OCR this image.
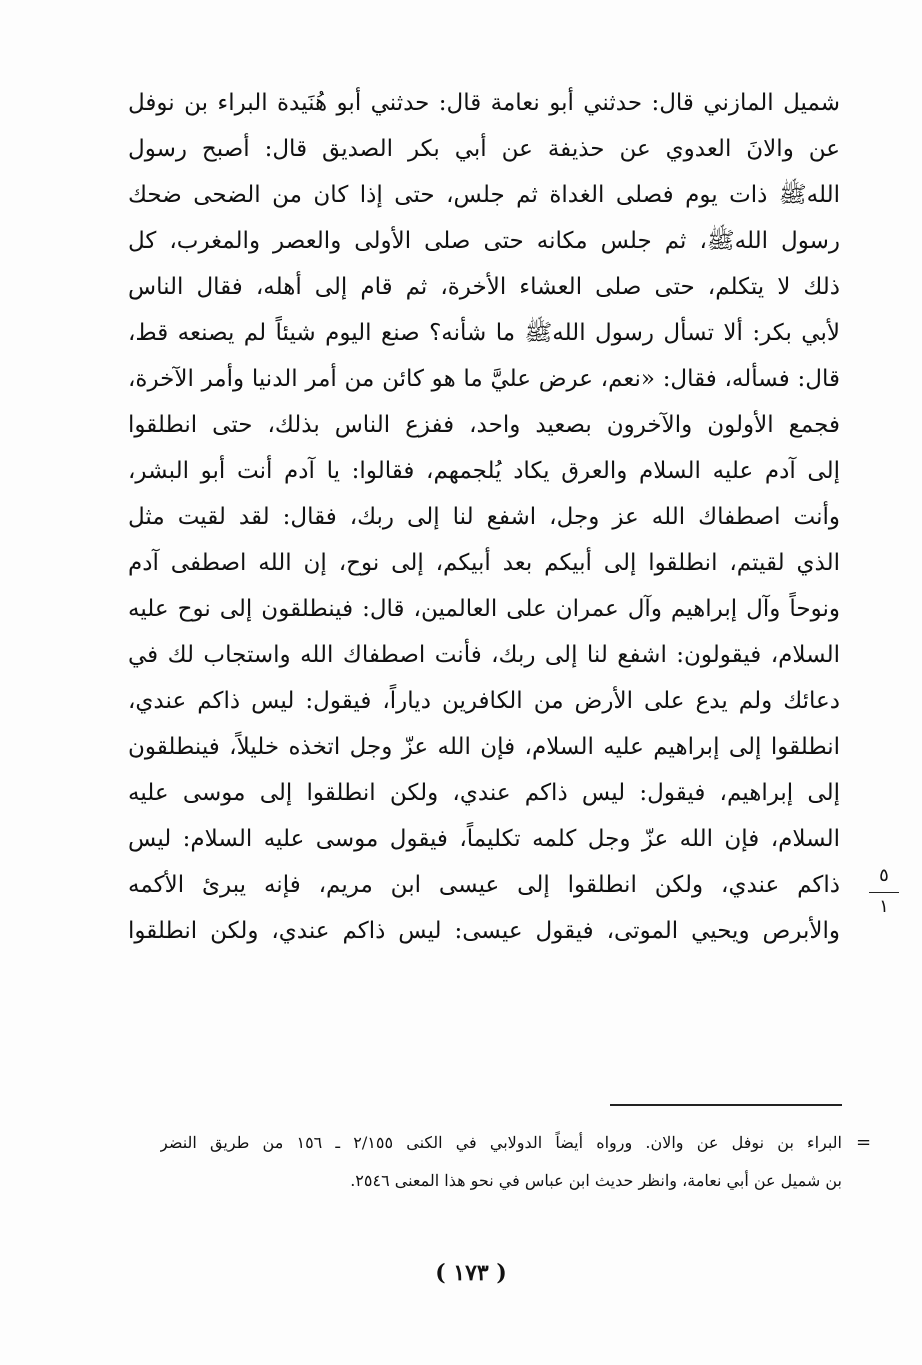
شميل المازني قال: حدثني أبو نعامة قال: حدثني أبو هُنَيدة البراء بن نوفل
عن والانَ العدوي عن حذيفة عن أبي بكر الصديق قال: أصبح رسول
اللهﷺ ذات يوم فصلى الغداة ثم جلس، حتى إذا كان من الضحى ضحك
رسول اللهﷺ، ثم جلس مكانه حتى صلى الأولى والعصر والمغرب، كل
ذلك لا يتكلم، حتى صلى العشاء الأخرة، ثم قام إلى أهله، فقال الناس
لأبي بكر: ألا تسأل رسول اللهﷺ ما شأنه؟ صنع اليوم شيئاً لم يصنعه قط،
قال: فسأله، فقال: «نعم، عرض عليَّ ما هو كائن من أمر الدنيا وأمر الآخرة،
فجمع الأولون والآخرون بصعيد واحد، ففزع الناس بذلك، حتى انطلقوا
إلى آدم عليه السلام والعرق يكاد يُلجمهم، فقالوا: يا آدم أنت أبو البشر،
وأنت اصطفاك الله عز وجل، اشفع لنا إلى ربك، فقال: لقد لقيت مثل
الذي لقيتم، انطلقوا إلى أبيكم بعد أبيكم، إلى نوح، إن الله اصطفى آدم
ونوحاً وآل إبراهيم وآل عمران على العالمين، قال: فينطلقون إلى نوح عليه
السلام، فيقولون: اشفع لنا إلى ربك، فأنت اصطفاك الله واستجاب لك في
دعائك ولم يدع على الأرض من الكافرين دياراً، فيقول: ليس ذاكم عندي،
انطلقوا إلى إبراهيم عليه السلام، فإن الله عزّ وجل اتخذه خليلاً، فينطلقون
إلى إبراهيم، فيقول: ليس ذاكم عندي، ولكن انطلقوا إلى موسى عليه
السلام، فإن الله عزّ وجل كلمه تكليماً، فيقول موسى عليه السلام: ليس
ذاكم عندي، ولكن انطلقوا إلى عيسى ابن مريم، فإنه يبرئ الأكمه
والأبرص ويحيي الموتى، فيقول عيسى: ليس ذاكم عندي، ولكن انطلقوا
٥
١
=
البراء بن نوفل عن والان. ورواه أيضاً الدولابي في الكنى ٢/١٥٥ ـ ١٥٦ من طريق النضر
بن شميل عن أبي نعامة، وانظر حديث ابن عباس في نحو هذا المعنى ٢٥٤٦.
( ١٧٣ )
